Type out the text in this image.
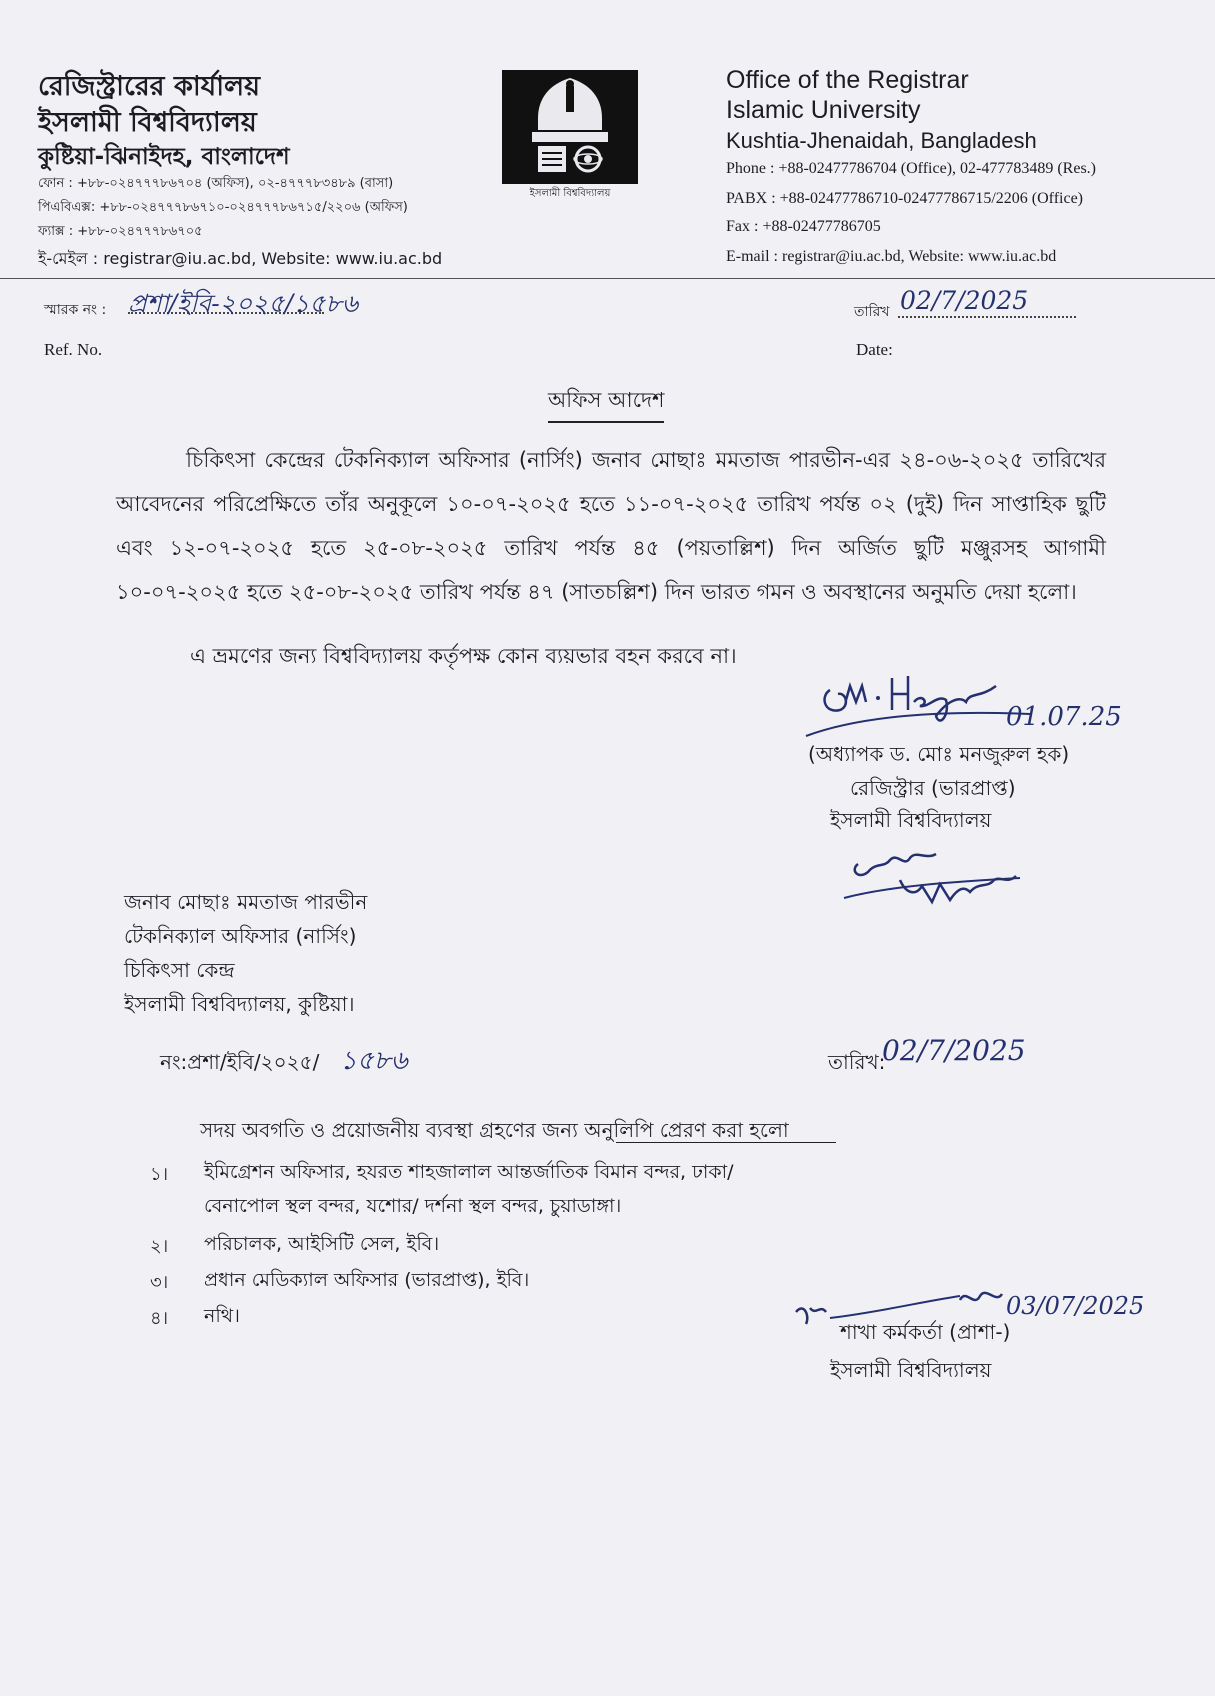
রেজিস্ট্রারের কার্যালয়
ইসলামী বিশ্ববিদ্যালয়
কুষ্টিয়া-ঝিনাইদহ, বাংলাদেশ
ফোন : +৮৮-০২৪৭৭৭৮৬৭০৪ (অফিস), ০২-৪৭৭৭৮৩৪৮৯ (বাসা)
পিএবিএক্স: +৮৮-০২৪৭৭৭৮৬৭১০-০২৪৭৭৭৮৬৭১৫/২২০৬ (অফিস)
ফ্যাক্স : +৮৮-০২৪৭৭৭৮৬৭০৫
ই-মেইল : registrar@iu.ac.bd, Website: www.iu.ac.bd
ইসলামী বিশ্ববিদ্যালয়
Office of the Registrar
Islamic University
Kushtia-Jhenaidah, Bangladesh
Phone : +88-02477786704 (Office), 02-477783489 (Res.)
PABX : +88-02477786710-02477786715/2206 (Office)
Fax : +88-02477786705
E-mail : registrar@iu.ac.bd, Website: www.iu.ac.bd
স্মারক নং : প্রশা/ইবি-২০২৫/১৫৮৬
Ref. No.
তারিখ 02/7/2025
Date:
অফিস আদেশ
চিকিৎসা কেন্দ্রের টেকনিক্যাল অফিসার (নার্সিং) জনাব মোছাঃ মমতাজ পারভীন-এর ২৪-০৬-২০২৫ তারিখের আবেদনের পরিপ্রেক্ষিতে তাঁর অনুকূলে ১০-০৭-২০২৫ হতে ১১-০৭-২০২৫ তারিখ পর্যন্ত ০২ (দুই) দিন সাপ্তাহিক ছুটি এবং ১২-০৭-২০২৫ হতে ২৫-০৮-২০২৫ তারিখ পর্যন্ত ৪৫ (পয়তাল্লিশ) দিন অর্জিত ছুটি মঞ্জুরসহ আগামী ১০-০৭-২০২৫ হতে ২৫-০৮-২০২৫ তারিখ পর্যন্ত ৪৭ (সাতচল্লিশ) দিন ভারত গমন ও অবস্থানের অনুমতি দেয়া হলো।
এ ভ্রমণের জন্য বিশ্ববিদ্যালয় কর্তৃপক্ষ কোন ব্যয়ভার বহন করবে না।
01.07.25
(অধ্যাপক ড. মোঃ মনজুরুল হক)
রেজিস্ট্রার (ভারপ্রাপ্ত)
ইসলামী বিশ্ববিদ্যালয়
জনাব মোছাঃ মমতাজ পারভীন
টেকনিক্যাল অফিসার (নার্সিং)
চিকিৎসা কেন্দ্র
ইসলামী বিশ্ববিদ্যালয়, কুষ্টিয়া।
নং:প্রশা/ইবি/২০২৫/ ১৫৮৬	তারিখ:
02/7/2025
সদয় অবগতি ও প্রয়োজনীয় ব্যবস্থা গ্রহণের জন্য অনুলিপি প্রেরণ করা হলো
১। ইমিগ্রেশন অফিসার, হযরত শাহজালাল আন্তর্জাতিক বিমান বন্দর, ঢাকা/
বেনাপোল স্থল বন্দর, যশোর/ দর্শনা স্থল বন্দর, চুয়াডাঙ্গা।
২। পরিচালক, আইসিটি সেল, ইবি।
৩। প্রধান মেডিক্যাল অফিসার (ভারপ্রাপ্ত), ইবি।
৪। নথি।	03/07/2025
শাখা কর্মকর্তা (প্রাশা-)
ইসলামী বিশ্ববিদ্যালয়
